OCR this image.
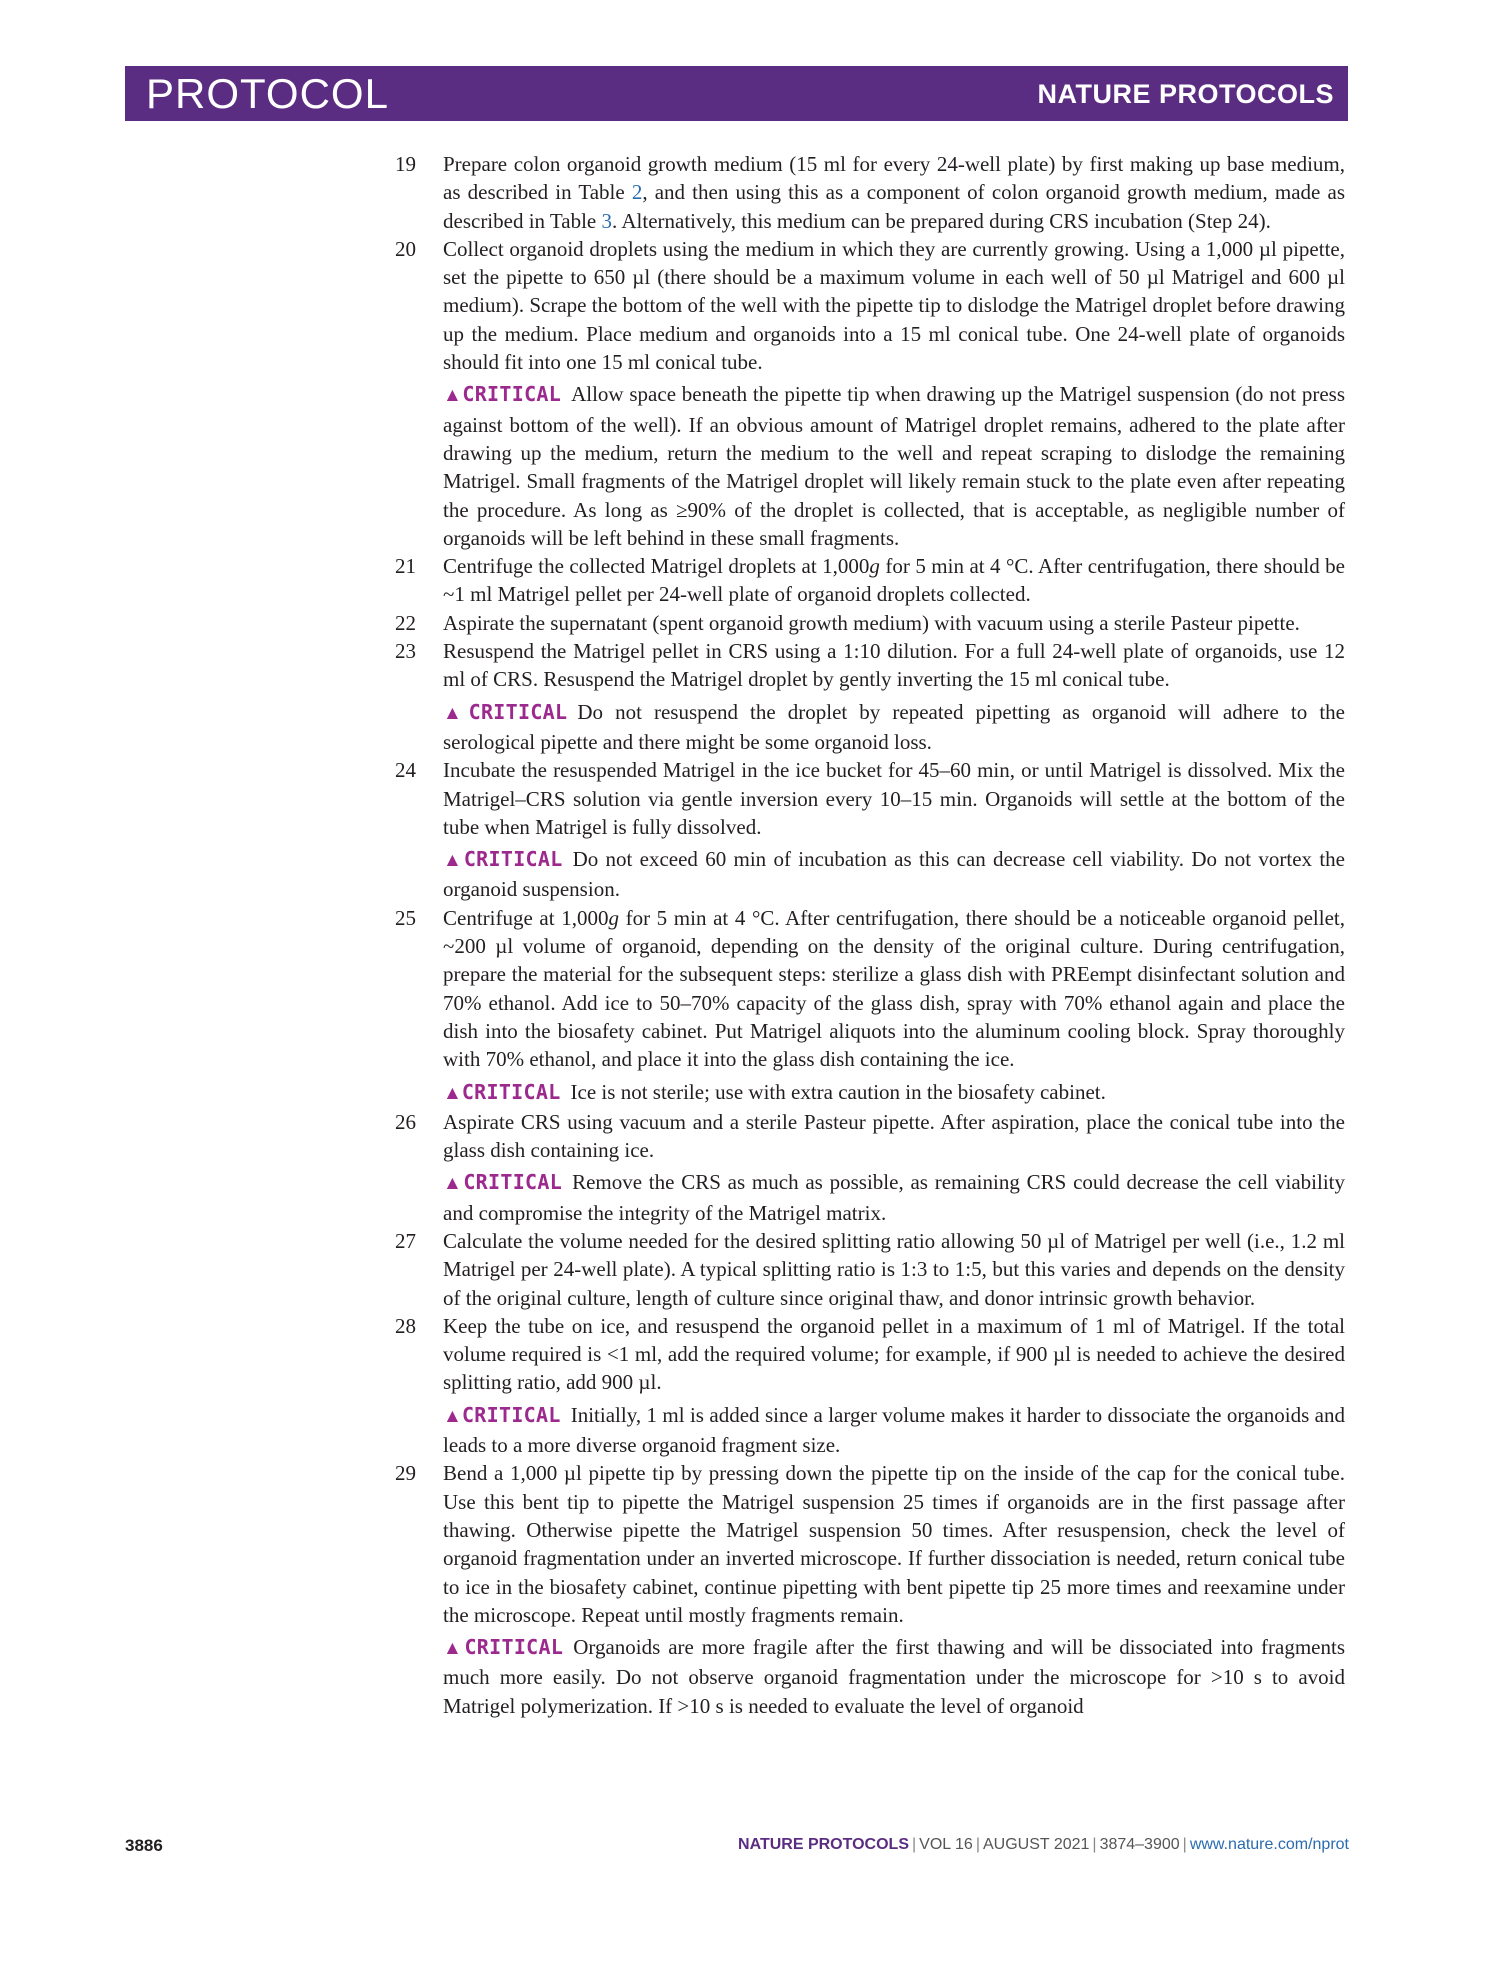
PROTOCOL	NATURE PROTOCOLS
19 Prepare colon organoid growth medium (15 ml for every 24-well plate) by first making up base medium, as described in Table 2, and then using this as a component of colon organoid growth medium, made as described in Table 3. Alternatively, this medium can be prepared during CRS incubation (Step 24).

20 Collect organoid droplets using the medium in which they are currently growing. Using a 1,000 µl pipette, set the pipette to 650 µl (there should be a maximum volume in each well of 50 µl Matrigel and 600 µl medium). Scrape the bottom of the well with the pipette tip to dislodge the Matrigel droplet before drawing up the medium. Place medium and organoids into a 15 ml conical tube. One 24-well plate of organoids should fit into one 15 ml conical tube.

▲CRITICAL Allow space beneath the pipette tip when drawing up the Matrigel suspension (do not press against bottom of the well). If an obvious amount of Matrigel droplet remains, adhered to the plate after drawing up the medium, return the medium to the well and repeat scraping to dislodge the remaining Matrigel. Small fragments of the Matrigel droplet will likely remain stuck to the plate even after repeating the procedure. As long as ≥90% of the droplet is collected, that is acceptable, as negligible number of organoids will be left behind in these small fragments.

21 Centrifuge the collected Matrigel droplets at 1,000g for 5 min at 4 °C. After centrifugation, there should be ~1 ml Matrigel pellet per 24-well plate of organoid droplets collected.

22 Aspirate the supernatant (spent organoid growth medium) with vacuum using a sterile Pasteur pipette.

23 Resuspend the Matrigel pellet in CRS using a 1:10 dilution. For a full 24-well plate of organoids, use 12 ml of CRS. Resuspend the Matrigel droplet by gently inverting the 15 ml conical tube.

▲CRITICAL Do not resuspend the droplet by repeated pipetting as organoid will adhere to the serological pipette and there might be some organoid loss.

24 Incubate the resuspended Matrigel in the ice bucket for 45–60 min, or until Matrigel is dissolved. Mix the Matrigel–CRS solution via gentle inversion every 10–15 min. Organoids will settle at the bottom of the tube when Matrigel is fully dissolved.

▲CRITICAL Do not exceed 60 min of incubation as this can decrease cell viability. Do not vortex the organoid suspension.

25 Centrifuge at 1,000g for 5 min at 4 °C. After centrifugation, there should be a noticeable organoid pellet, ~200 µl volume of organoid, depending on the density of the original culture. During centrifugation, prepare the material for the subsequent steps: sterilize a glass dish with PREempt disinfectant solution and 70% ethanol. Add ice to 50–70% capacity of the glass dish, spray with 70% ethanol again and place the dish into the biosafety cabinet. Put Matrigel aliquots into the aluminum cooling block. Spray thoroughly with 70% ethanol, and place it into the glass dish containing the ice.

▲CRITICAL Ice is not sterile; use with extra caution in the biosafety cabinet.

26 Aspirate CRS using vacuum and a sterile Pasteur pipette. After aspiration, place the conical tube into the glass dish containing ice.

▲CRITICAL Remove the CRS as much as possible, as remaining CRS could decrease the cell viability and compromise the integrity of the Matrigel matrix.

27 Calculate the volume needed for the desired splitting ratio allowing 50 µl of Matrigel per well (i.e., 1.2 ml Matrigel per 24-well plate). A typical splitting ratio is 1:3 to 1:5, but this varies and depends on the density of the original culture, length of culture since original thaw, and donor intrinsic growth behavior.

28 Keep the tube on ice, and resuspend the organoid pellet in a maximum of 1 ml of Matrigel. If the total volume required is <1 ml, add the required volume; for example, if 900 µl is needed to achieve the desired splitting ratio, add 900 µl.

▲CRITICAL Initially, 1 ml is added since a larger volume makes it harder to dissociate the organoids and leads to a more diverse organoid fragment size.

29 Bend a 1,000 µl pipette tip by pressing down the pipette tip on the inside of the cap for the conical tube. Use this bent tip to pipette the Matrigel suspension 25 times if organoids are in the first passage after thawing. Otherwise pipette the Matrigel suspension 50 times. After resuspension, check the level of organoid fragmentation under an inverted microscope. If further dissociation is needed, return conical tube to ice in the biosafety cabinet, continue pipetting with bent pipette tip 25 more times and reexamine under the microscope. Repeat until mostly fragments remain.

▲CRITICAL Organoids are more fragile after the first thawing and will be dissociated into fragments much more easily. Do not observe organoid fragmentation under the microscope for >10 s to avoid Matrigel polymerization. If >10 s is needed to evaluate the level of organoid

3886	NATURE PROTOCOLS | VOL 16 | AUGUST 2021 | 3874–3900 | www.nature.com/nprot
